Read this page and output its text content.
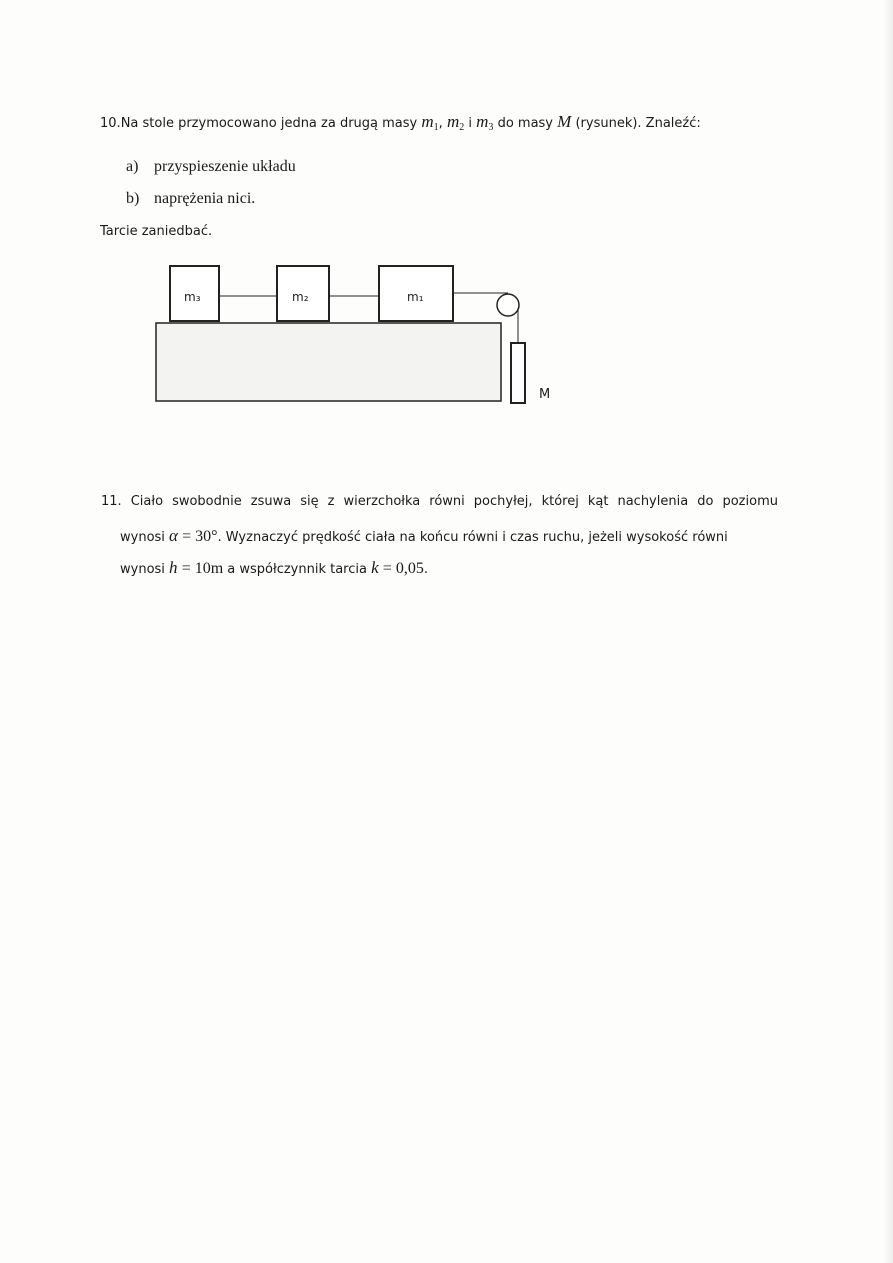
10.Na stole przymocowano jedna za drugą masy $m_1$, $m_2$ i $m_3$ do masy M (rysunek). Znaleźć:
a) przyspieszenie układu
b) naprężenia nici.
Tarcie zaniedbać.
m₃	m₂	m₁
M
11. Ciało swobodnie zsuwa się z wierzchołka równi pochyłej, której kąt nachylenia do poziomu
wynosi α = 30°. Wyznaczyć prędkość ciała na końcu równi i czas ruchu, jeżeli wysokość równi
wynosi h = 10m a współczynnik tarcia k = 0,05.
